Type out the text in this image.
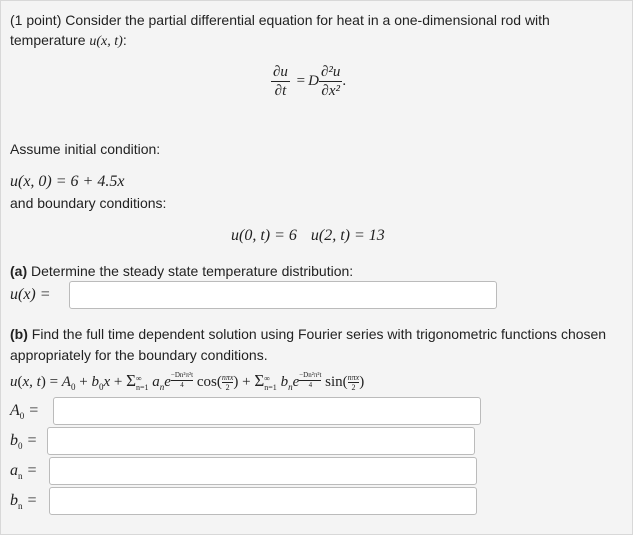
(1 point) Consider the partial differential equation for heat in a one-dimensional rod with
temperature u(x, t):
$\frac{\partial u}{\partial t} = D \frac{\text{∂²u}}{\text{∂x²}}$ .
Assume initial condition:
u(x, 0) = 6 + 4.5x
and boundary conditions:
u(0, t) = 6 u(2, t) = 13
(a) Determine the steady state temperature distribution:
u(x) =
(b) Find the full time dependent solution using Fourier series with trigonometric functions chosen
appropriately for the boundary conditions.
u(x, $t) = A_0 + b_0x + \Sigma$ ∞
n=1 $a_ne \frac{\text{−Dn²π²t}}{4} \cos$( nπx
2 ) + Σ ∞
n=1 $b_ne \frac{\text{−Dn²π²t}}{4} \sin$( nπx
2 )
$A_0$ =
$b_0$ =
$a_n$ =
$b_n$ =
